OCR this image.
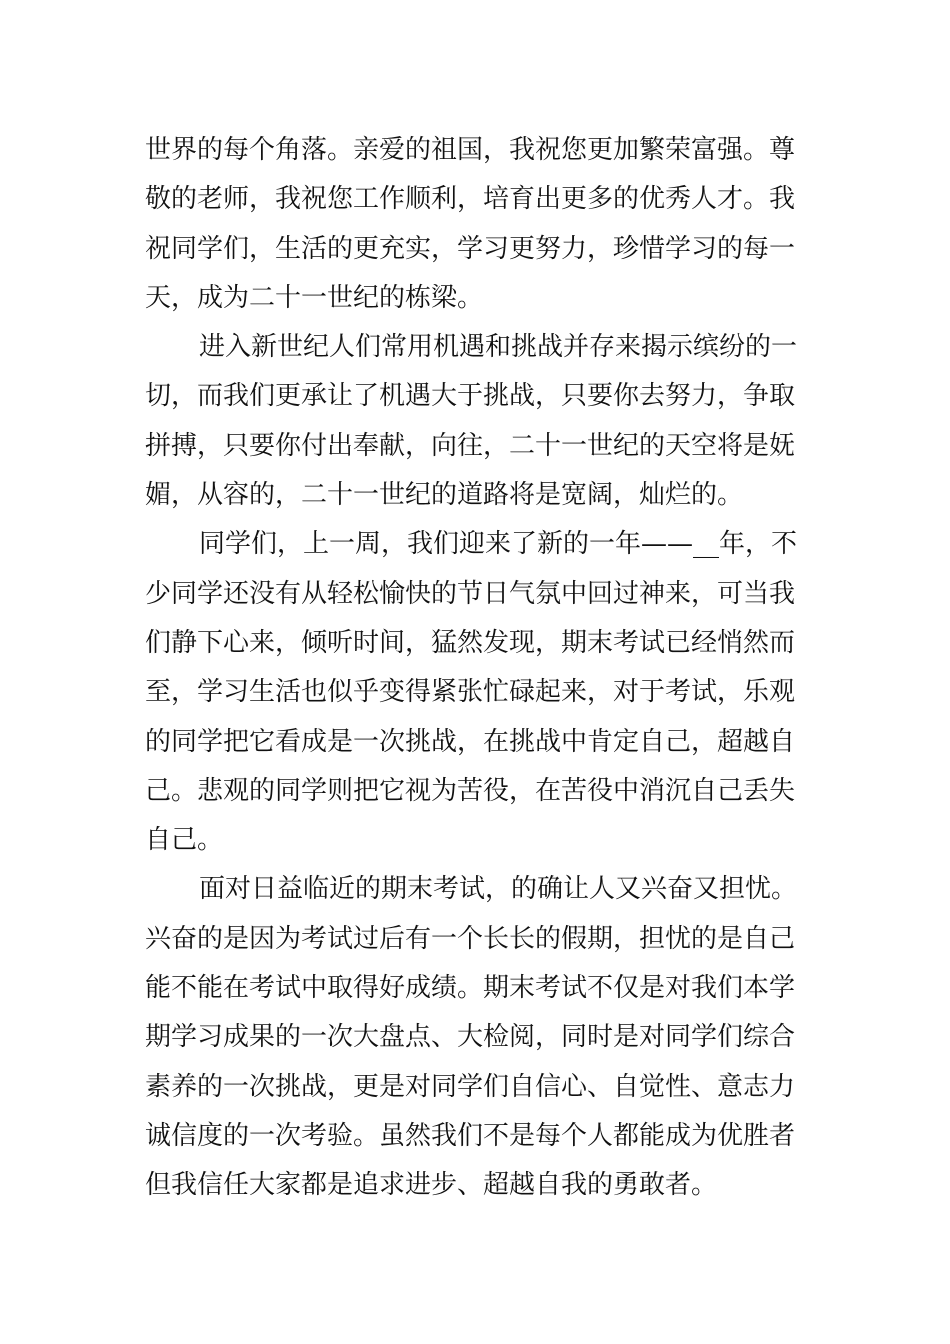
世界的每个角落。亲爱的祖国，我祝您更加繁荣富强。尊
敬的老师，我祝您工作顺利，培育出更多的优秀人才。我
祝同学们，生活的更充实，学习更努力，珍惜学习的每一
天，成为二十一世纪的栋梁。
进入新世纪人们常用机遇和挑战并存来揭示缤纷的一
切，而我们更承让了机遇大于挑战，只要你去努力，争取
拼搏，只要你付出奉献，向往，二十一世纪的天空将是妩
媚，从容的，二十一世纪的道路将是宽阔，灿烂的。
同学们，上一周，我们迎来了新的一年——__年，不
少同学还没有从轻松愉快的节日气氛中回过神来，可当我
们静下心来，倾听时间，猛然发现，期末考试已经悄然而
至，学习生活也似乎变得紧张忙碌起来，对于考试，乐观
的同学把它看成是一次挑战，在挑战中肯定自己，超越自
己。悲观的同学则把它视为苦役，在苦役中消沉自己丢失
自己。
面对日益临近的期末考试，的确让人又兴奋又担忧。
兴奋的是因为考试过后有一个长长的假期，担忧的是自己
能不能在考试中取得好成绩。期末考试不仅是对我们本学
期学习成果的一次大盘点、大检阅，同时是对同学们综合
素养的一次挑战，更是对同学们自信心、自觉性、意志力
诚信度的一次考验。虽然我们不是每个人都能成为优胜者
但我信任大家都是追求进步、超越自我的勇敢者。
